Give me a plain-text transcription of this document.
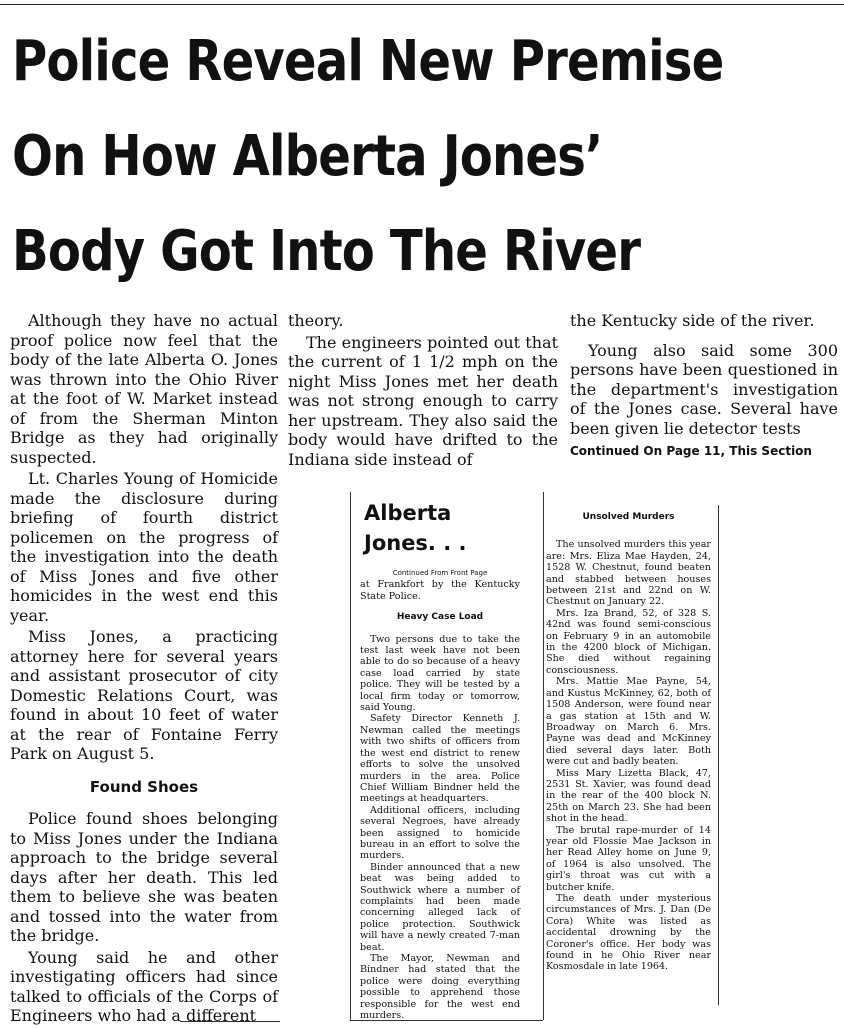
Police Reveal New Premise
On How Alberta Jones’
Body Got Into The River

Although they have no actual proof police now feel that the body of the late Alberta O. Jones was thrown into the Ohio River at the foot of W. Market instead of from the Sherman Minton Bridge as they had originally suspected.

Lt. Charles Young of Homicide made the disclosure during briefing of fourth district policemen on the progress of the investigation into the death of Miss Jones and five other homicides in the west end this year.

Miss Jones, a practicing attorney here for several years and assistant prosecutor of city Domestic Relations Court, was found in about 10 feet of water at the rear of Fontaine Ferry Park on August 5.

Found Shoes

Police found shoes belonging to Miss Jones under the Indiana approach to the bridge several days after her death. This led them to believe she was beaten and tossed into the water from the bridge.

Young said he and other investigating officers had since talked to officials of the Corps of Engineers who had a different

theory.

The engineers pointed out that the current of 1 1/2 mph on the night Miss Jones met her death was not strong enough to carry her upstream. They also said the body would have drifted to the Indiana side instead of

the Kentucky side of the river.

Young also said some 300 persons have been questioned in the department's investigation of the Jones case. Several have been given lie detector tests

Continued On Page 11, This Section
Alberta Jones. . .
Continued From Front Page

at Frankfort by the Kentucky State Police.

Heavy Case Load

Two persons due to take the test last week have not been able to do so because of a heavy case load carried by state police. They will be tested by a local firm today or tomorrow, said Young.

Safety Director Kenneth J. Newman called the meetings with two shifts of officers from the west end district to renew efforts to solve the unsolved murders in the area. Police Chief William Bindner held the meetings at headquarters.

Additional officers, including several Negroes, have already been assigned to homicide bureau in an effort to solve the murders.

Binder announced that a new beat was being added to Southwick where a number of complaints had been made concerning alleged lack of police protection. Southwick will have a newly created 7-man beat.

The Mayor, Newman and Bindner had stated that the police were doing everything possible to apprehend those responsible for the west end murders.

Unsolved Murders

The unsolved murders this year are: Mrs. Eliza Mae Hayden, 24, 1528 W. Chestnut, found beaten and stabbed between houses between 21st and 22nd on W. Chestnut on January 22.

Mrs. Iza Brand, 52, of 328 S. 42nd was found semi-conscious on February 9 in an automobile in the 4200 block of Michigan. She died without regaining consciousness.

Mrs. Mattie Mae Payne, 54, and Kustus McKinney, 62, both of 1508 Anderson, were found near a gas station at 15th and W. Broadway on March 6. Mrs. Payne was dead and McKinney died several days later. Both were cut and badly beaten.

Miss Mary Lizetta Black, 47, 2531 St. Xavier, was found dead in the rear of the 400 block N. 25th on March 23. She had been shot in the head.

The brutal rape-murder of 14 year old Flossie Mae Jackson in her Read Alley home on June 9, of 1964 is also unsolved. The girl's throat was cut with a butcher knife.

The death under mysterious circumstances of Mrs. J. Dan (De Cora) White was listed as accidental drowning by the Coroner's office. Her body was found in he Ohio River near Kosmosdale in late 1964.
